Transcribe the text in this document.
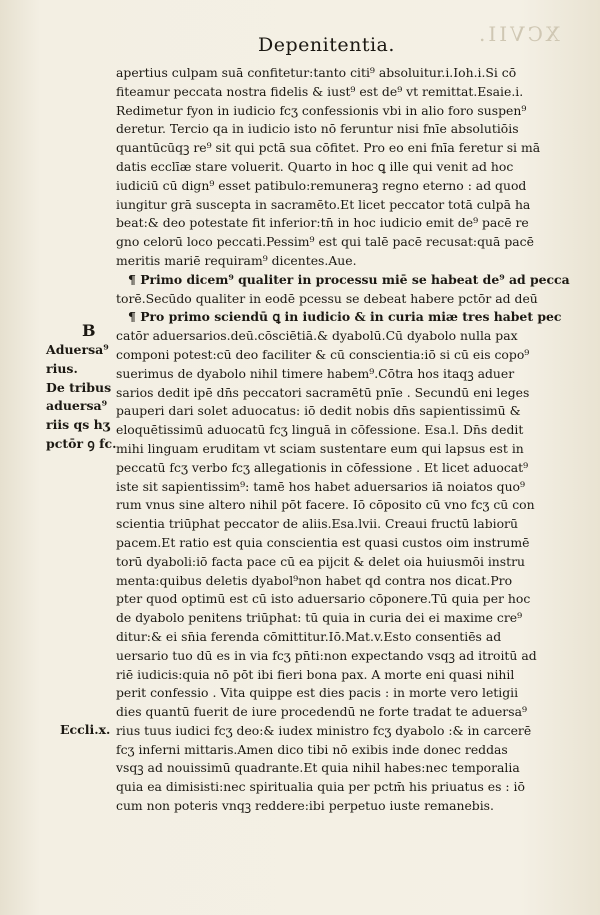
XCVII.
Depenitentia.
B
Aduersa⁹
rius.
De tribus
aduersa⁹
riis qs hʒ
pctōr ꝯ fc.
Eccli.x.
apertius culpam suā confitetur:tanto citi⁹ absoluitur.i.Ioh.i.Si cō
fiteamur peccata nostra fidelis & iust⁹ est de⁹ vt remittat.Esaie.i.
Redimetur fyon in iudicio fcʒ confessionis vbi in alio foro suspen⁹
deretur. Tercio qa in iudicio isto nō feruntur nisi fnīe absolutiōis
quantūcūqꝫ re⁹ sit qui pctā sua cōfitet. Pro eo eni fnīa feretur si mā
datis ecclīæ stare voluerit. Quarto in hoc ꝗ ille qui venit ad hoc
iudiciū cū dign⁹ esset patibulo:remuneraꝫ regno eterno : ad quod
iungitur grā suscepta in sacramēto.Et licet peccator totā culpā ha
beat:& deo potestate fit inferior:tn̄ in hoc iudicio emit de⁹ pacē re
gno celorū loco peccati.Pessim⁹ est qui talē pacē recusat:quā pacē
meritis mariē requiram⁹ dicentes.Aue.
¶ Primo dicem⁹ qualiter in processu miē se habeat de⁹ ad pecca
torē.Secūdo qualiter in eodē pcessu se debeat habere pctōr ad deū
¶ Pro primo sciendū ꝗ in iudicio & in curia miæ tres habet pec
catōr aduersarios.deū.cōsciētiā.& dyabolū.Cū dyabolo nulla pax
componi potest:cū deo faciliter & cū conscientia:iō si cū eis copo⁹
suerimus de dyabolo nihil timere habem⁹.Cōtra hos itaqꝫ aduer
sarios dedit ipē dn̄s peccatori sacramētū pnīe . Secundū eni leges
pauperi dari solet aduocatus: iō dedit nobis dn̄s sapientissimū &
eloquētissimū aduocatū fcʒ linguā in cōfessione. Esa.l. Dn̄s dedit
mihi linguam eruditam vt sciam sustentare eum qui lapsus est in
peccatū fcʒ verbo fcʒ allegationis in cōfessione . Et licet aduocat⁹
iste sit sapientissim⁹: tamē hos habet aduersarios iā noiatos quo⁹
rum vnus sine altero nihil pōt facere. Iō cōposito cū vno fcʒ cū con
scientia triūphat peccator de aliis.Esa.lvii. Creaui fructū labiorū
pacem.Et ratio est quia conscientia est quasi custos oim instrumē
torū dyaboli:iō facta pace cū ea pijcit & delet oia huiusmōi instru
menta:quibus deletis dyabol⁹non habet qd contra nos dicat.Pro
pter quod optimū est cū isto aduersario cōponere.Tū quia per hoc
de dyabolo penitens triūphat: tū quia in curia dei ei maxime cre⁹
ditur:& ei sn̄ia ferenda cōmittitur.Iō.Mat.v.Esto consentiēs ad
uersario tuo dū es in via fcʒ pn̄ti:non expectando vsqꝫ ad itroitū ad
riē iudicis:quia nō pōt ibi fieri bona pax. A morte eni quasi nihil
perit confessio . Vita quippe est dies pacis : in morte vero letigii
dies quantū fuerit de iure procedendū ne forte tradat te aduersa⁹
rius tuus iudici fcʒ deo:& iudex ministro fcʒ dyabolo :& in carcerē
fcʒ inferni mittaris.Amen dico tibi nō exibis inde donec reddas
vsqꝫ ad nouissimū quadrante.Et quia nihil habes:nec temporalia
quia ea dimisisti:nec spiritualia quia per pctm̄ his priuatus es : iō
cum non poteris vnqꝫ reddere:ibi perpetuo iuste remanebis.
